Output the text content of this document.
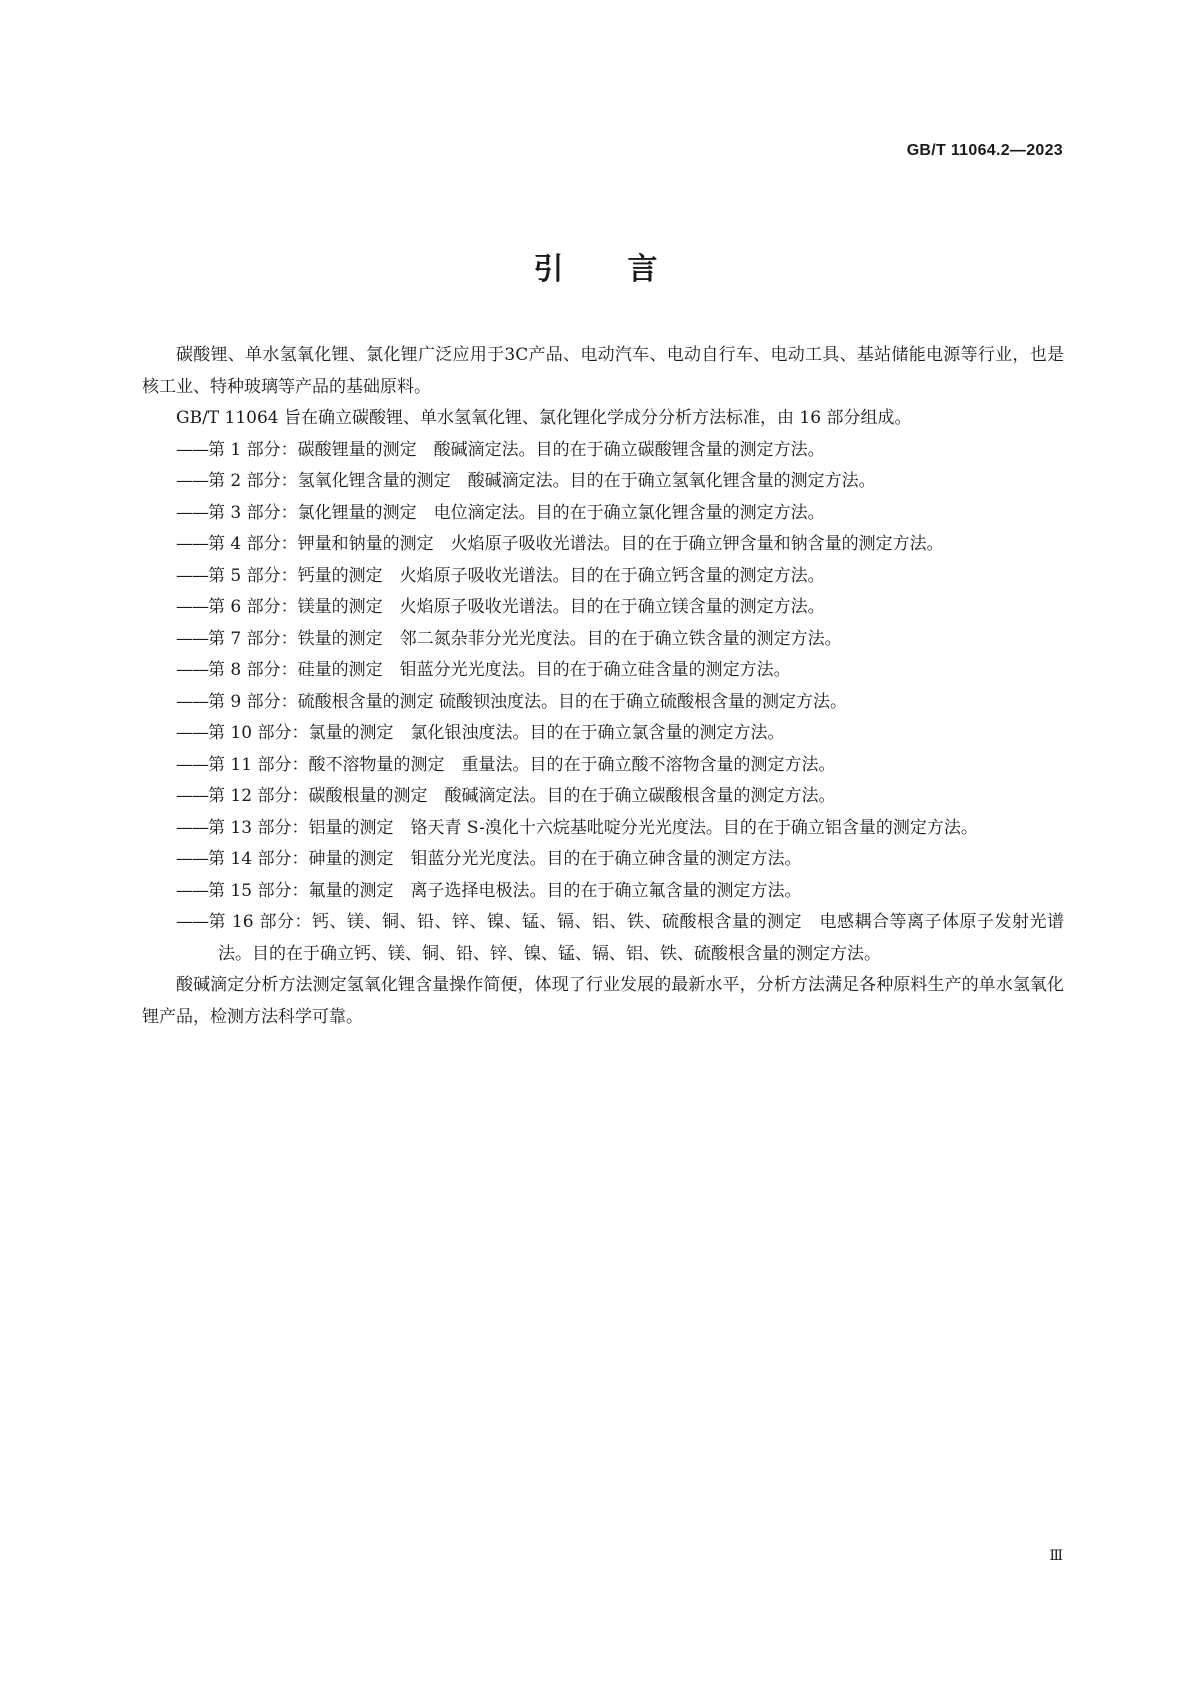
GB/T 11064.2—2023
引言

碳酸锂、单水氢氧化锂、氯化锂广泛应用于3C产品、电动汽车、电动自行车、电动工具、基站储能电源等行业，也是核工业、特种玻璃等产品的基础原料。

GB/T 11064 旨在确立碳酸锂、单水氢氧化锂、氯化锂化学成分分析方法标准，由 16 部分组成。

——第 1 部分：碳酸锂量的测定 酸碱滴定法。目的在于确立碳酸锂含量的测定方法。
——第 2 部分：氢氧化锂含量的测定 酸碱滴定法。目的在于确立氢氧化锂含量的测定方法。
——第 3 部分：氯化锂量的测定 电位滴定法。目的在于确立氯化锂含量的测定方法。
——第 4 部分：钾量和钠量的测定 火焰原子吸收光谱法。目的在于确立钾含量和钠含量的测定方法。
——第 5 部分：钙量的测定 火焰原子吸收光谱法。目的在于确立钙含量的测定方法。
——第 6 部分：镁量的测定 火焰原子吸收光谱法。目的在于确立镁含量的测定方法。
——第 7 部分：铁量的测定 邻二氮杂菲分光光度法。目的在于确立铁含量的测定方法。
——第 8 部分：硅量的测定 钼蓝分光光度法。目的在于确立硅含量的测定方法。
——第 9 部分：硫酸根含量的测定 硫酸钡浊度法。目的在于确立硫酸根含量的测定方法。
——第 10 部分：氯量的测定 氯化银浊度法。目的在于确立氯含量的测定方法。
——第 11 部分：酸不溶物量的测定 重量法。目的在于确立酸不溶物含量的测定方法。
——第 12 部分：碳酸根量的测定 酸碱滴定法。目的在于确立碳酸根含量的测定方法。
——第 13 部分：铝量的测定 铬天青 S-溴化十六烷基吡啶分光光度法。目的在于确立铝含量的测定方法。
——第 14 部分：砷量的测定 钼蓝分光光度法。目的在于确立砷含量的测定方法。
——第 15 部分：氟量的测定 离子选择电极法。目的在于确立氟含量的测定方法。
——第 16 部分：钙、镁、铜、铅、锌、镍、锰、镉、铝、铁、硫酸根含量的测定 电感耦合等离子体原子发射光谱法。目的在于确立钙、镁、铜、铅、锌、镍、锰、镉、铝、铁、硫酸根含量的测定方法。

酸碱滴定分析方法测定氢氧化锂含量操作简便，体现了行业发展的最新水平，分析方法满足各种原料生产的单水氢氧化锂产品，检测方法科学可靠。

Ⅲ
